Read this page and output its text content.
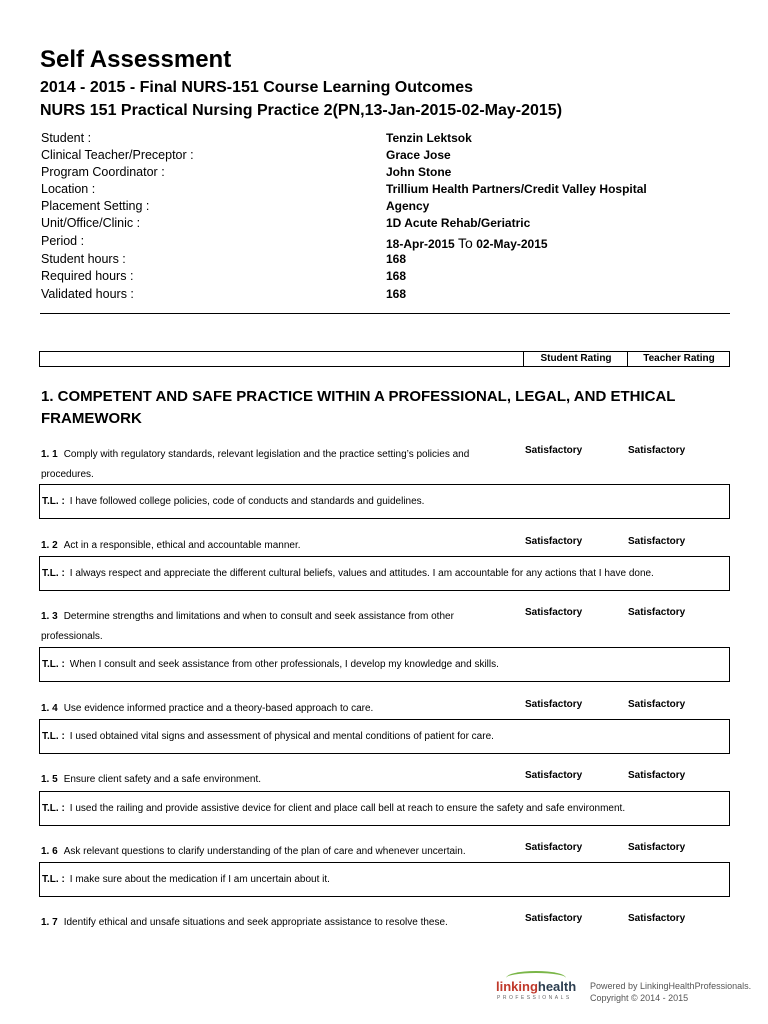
Self Assessment
2014 - 2015 - Final NURS-151 Course Learning Outcomes
NURS 151 Practical Nursing Practice 2(PN,13-Jan-2015-02-May-2015)
Student :	Tenzin Lektsok
Clinical Teacher/Preceptor :	Grace Jose
Program Coordinator :	John Stone
Location :	Trillium Health Partners/Credit Valley Hospital
Placement Setting :	Agency
Unit/Office/Clinic :	1D Acute Rehab/Geriatric
Period :	18-Apr-2015 To 02-May-2015
Student hours :	168
Required hours :	168
Validated hours :	168
Student Rating	Teacher Rating
1. COMPETENT AND SAFE PRACTICE WITHIN A PROFESSIONAL, LEGAL, AND ETHICAL FRAMEWORK
1. 1 Comply with regulatory standards, relevant legislation and the practice setting’s policies and procedures.
Satisfactory	Satisfactory
T.L. : I have followed college policies, code of conducts and standards and guidelines.
1. 2 Act in a responsible, ethical and accountable manner.	Satisfactory	Satisfactory
T.L. : I always respect and appreciate the different cultural beliefs, values and attitudes. I am accountable for any actions that I have done.
1. 3 Determine strengths and limitations and when to consult and seek assistance from other professionals.
Satisfactory	Satisfactory
T.L. : When I consult and seek assistance from other professionals, I develop my knowledge and skills.
1. 4 Use evidence informed practice and a theory-based approach to care.	Satisfactory	Satisfactory
T.L. : I used obtained vital signs and assessment of physical and mental conditions of patient for care.
1. 5 Ensure client safety and a safe environment.	Satisfactory	Satisfactory
T.L. : I used the railing and provide assistive device for client and place call bell at reach to ensure the safety and safe environment.
1. 6 Ask relevant questions to clarify understanding of the plan of care and whenever uncertain.	Satisfactory	Satisfactory
T.L. : I make sure about the medication if I am uncertain about it.
1. 7 Identify ethical and unsafe situations and seek appropriate assistance to resolve these.	Satisfactory	Satisfactory
linkinghealth
PROFESSIONALS
Powered by LinkingHealthProfessionals.
Copyright © 2014 - 2015
